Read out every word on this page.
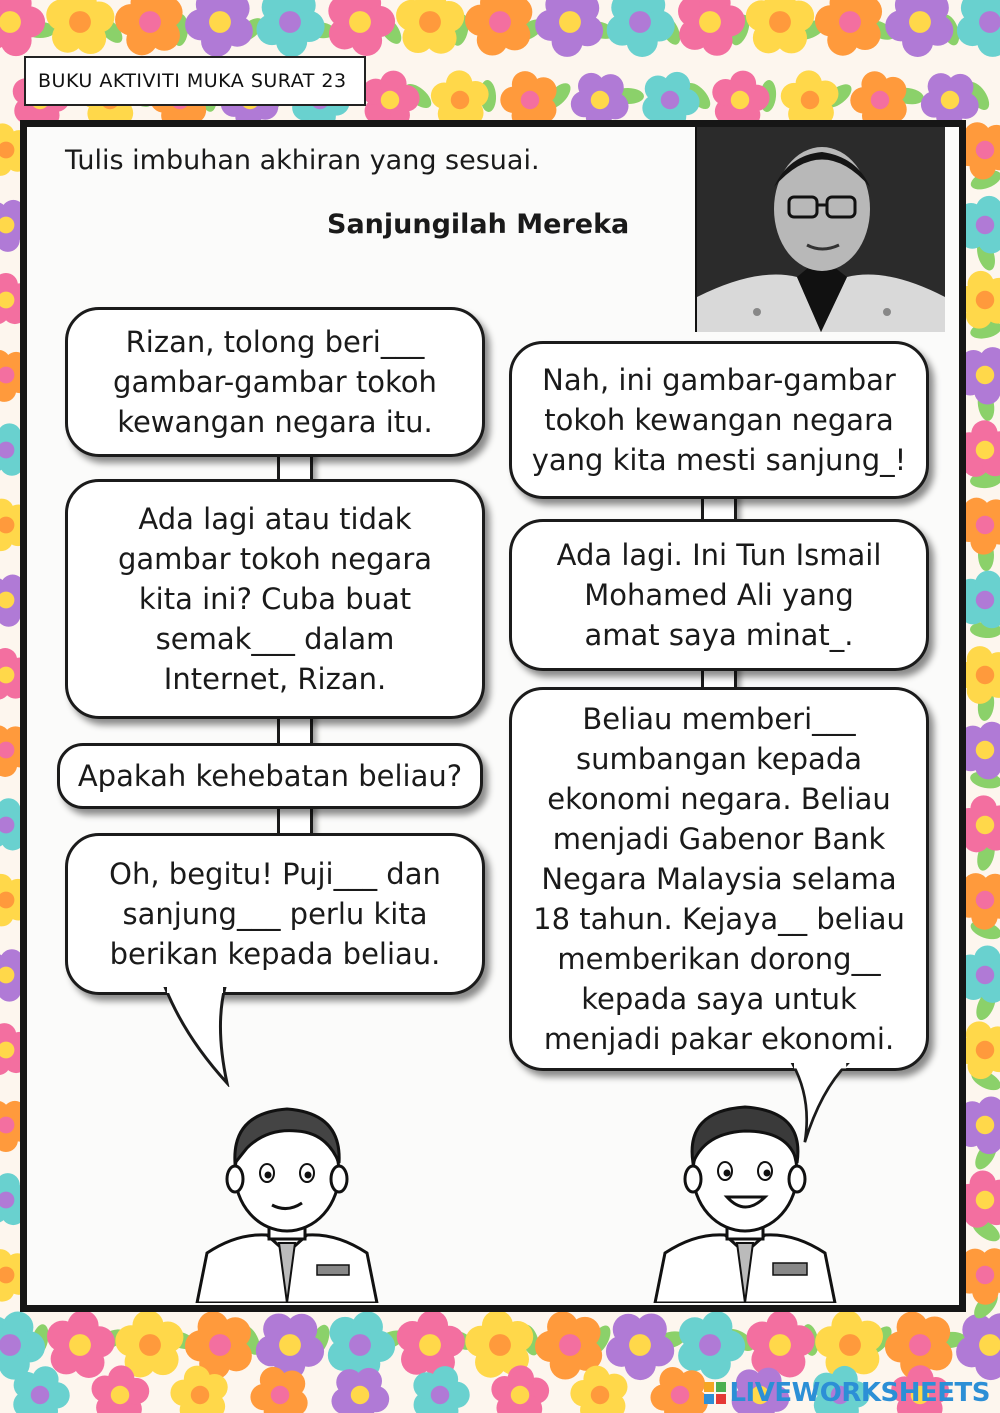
BUKU AKTIVITI MUKA SURAT 23
Tulis imbuhan akhiran yang sesuai.
Sanjungilah Mereka
Rizan, tolong beri___
gambar-gambar tokoh
kewangan negara itu.
Ada lagi atau tidak
gambar tokoh negara
kita ini? Cuba buat
semak___ dalam
Internet, Rizan.
Apakah kehebatan beliau?
Oh, begitu! Puji___ dan
sanjung___ perlu kita
berikan kepada beliau.
Nah, ini gambar-gambar
tokoh kewangan negara
yang kita mesti sanjung_!
Ada lagi. Ini Tun Ismail
Mohamed Ali yang
amat saya minat_.
Beliau memberi___
sumbangan kepada
ekonomi negara. Beliau
menjadi Gabenor Bank
Negara Malaysia selama
18 tahun. Kejaya__ beliau
memberikan dorong__
kepada saya untuk
menjadi pakar ekonomi.
LIVEWORKSHEETS
